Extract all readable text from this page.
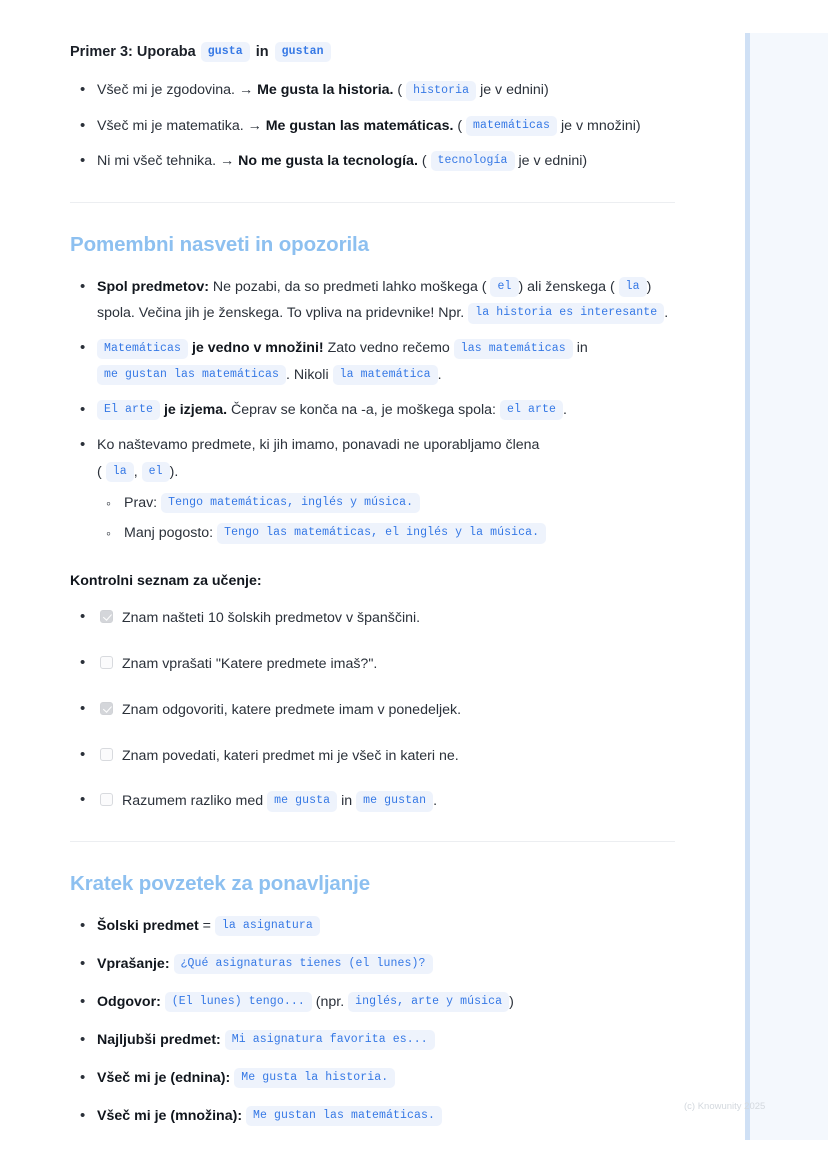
Primer 3: Uporaba	gusta in	gustan
• Všeč mi je zgodovina. → Me gusta la historia. ( historia je v ednini)
• Všeč mi je matematika. → Me gustan las matemáticas. ( matemáticas je v množini)
• Ni mi všeč tehnika. → No me gusta la tecnología. ( tecnología je v ednini)
Pomembni nasveti in opozorila
• Spol predmetov: Ne pozabi, da so predmeti lahko moškega ( el ) ali ženskega ( la ) spola. Večina jih je ženskega. To vpliva na pridevnike! Npr. la historia es interesante .
• Matemáticas je vedno v množini! Zato vedno rečemo las matemáticas in me gustan las matemáticas . Nikoli la matemática .
• El arte je izjema. Čeprav se konča na -a, je moškega spola: el arte .
• Ko naštevamo predmete, ki jih imamo, ponavadi ne uporabljamo člena
( la , el ).
◦ Prav: Tengo matemáticas, inglés y música.
◦ Manj pogosto: Tengo las matemáticas, el inglés y la música.
Kontrolni seznam za učenje:
• Znam našteti 10 šolskih predmetov v španščini.
• Znam vprašati "Katere predmete imaš?".
• Znam odgovoriti, katere predmete imam v ponedeljek.
• Znam povedati, kateri predmet mi je všeč in kateri ne.
• Razumem razliko med me gusta in me gustan .
Kratek povzetek za ponavljanje
• Šolski predmet = la asignatura
• Vprašanje: ¿Qué asignaturas tienes (el lunes)?
• Odgovor: (El lunes) tengo... (npr. inglés, arte y música )
• Najljubši predmet: Mi asignatura favorita es...
• Všeč mi je (ednina): Me gusta la historia.
• Všeč mi je (množina): Me gustan las matemáticas.
(c) Knowunity 2025
